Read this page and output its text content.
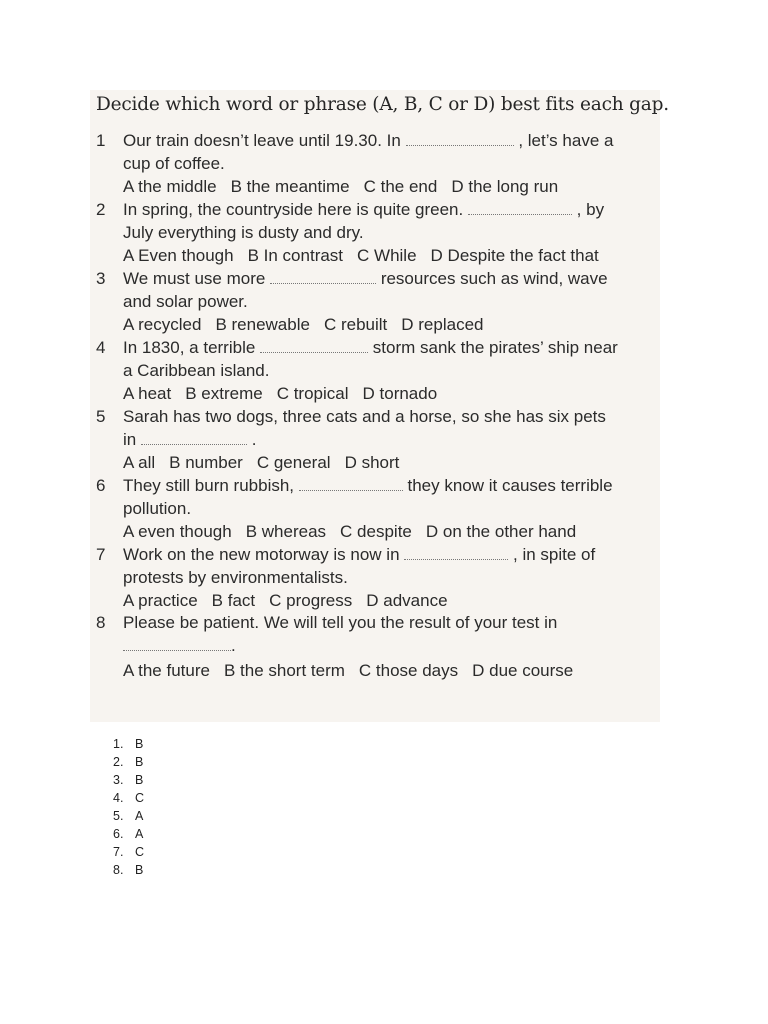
Decide which word or phrase (A, B, C or D) best fits each gap.
1	Our train doesn’t leave until 19.30. In	, let’s have a
cup of coffee.
A the middle B the meantime C the end D the long run
2	In spring, the countryside here is quite green.	, by
July everything is dusty and dry.
A Even though B In contrast C While D Despite the fact that
3	We must use more	resources such as wind, wave
and solar power.
A recycled B renewable C rebuilt D replaced
4	In 1830, a terrible	storm sank the pirates’ ship near
a Caribbean island.
A heat B extreme C tropical D tornado
5	Sarah has two dogs, three cats and a horse, so she has six pets
in	.
A all B number C general D short
6	They still burn rubbish,	they know it causes terrible
pollution.
A even though B whereas C despite D on the other hand
7	Work on the new motorway is now in	, in spite of
protests by environmentalists.
A practice B fact C progress D advance
8	Please be patient. We will tell you the result of your test in
.
A the future B the short term C those days D due course
1. B
2. B
3. B
4. C
5. A
6. A
7. C
8. B
